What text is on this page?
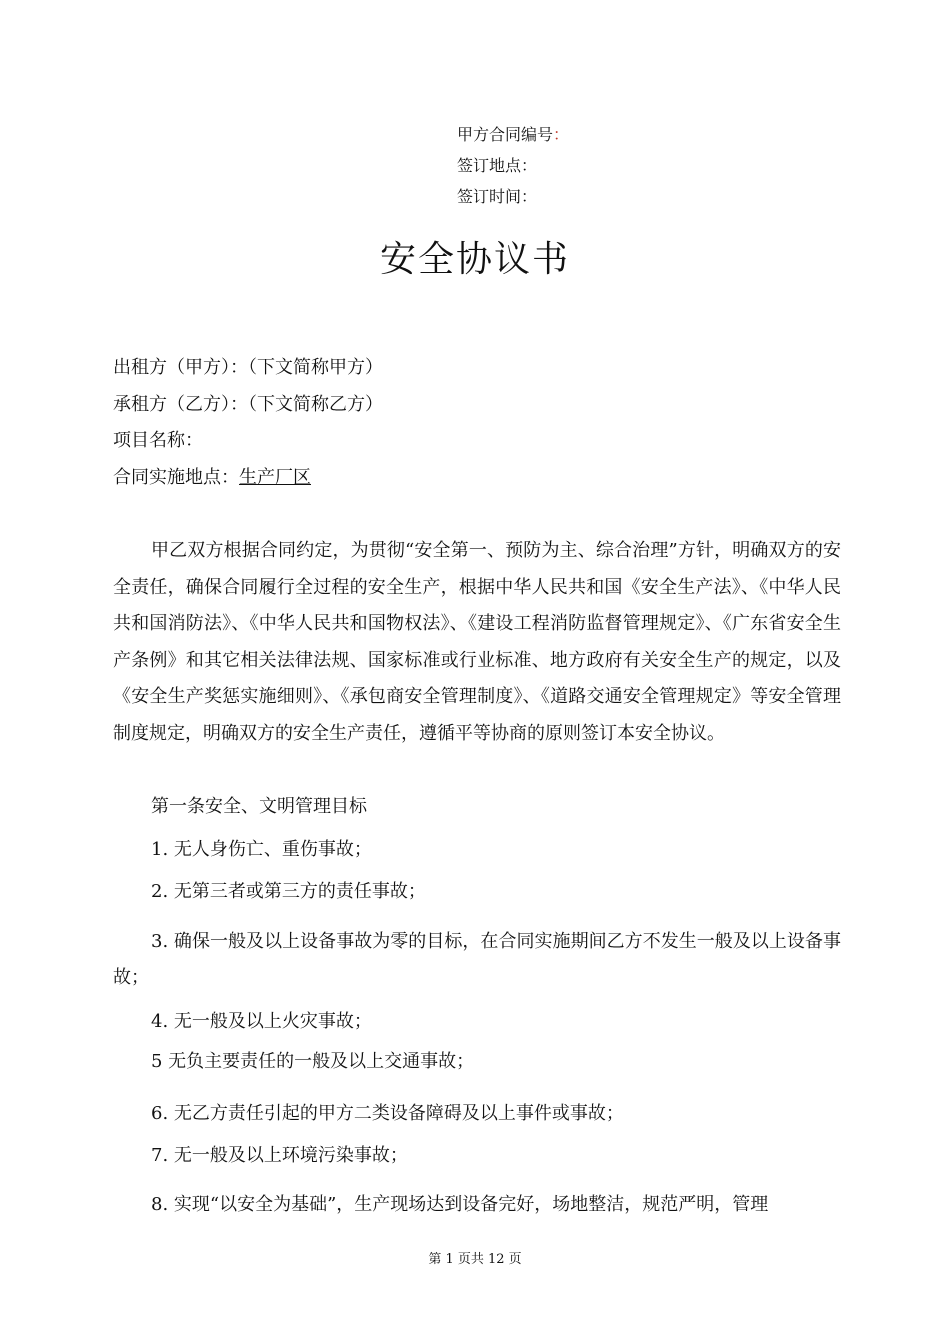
甲方合同编号：
签订地点：
签订时间：
安全协议书
出租方（甲方）：（下文简称甲方）
承租方（乙方）：（下文简称乙方）
项目名称：
合同实施地点：生产厂区
甲乙双方根据合同约定，为贯彻“安全第一、预防为主、综合治理”方针，明确双方的安全责任，确保合同履行全过程的安全生产，根据中华人民共和国《安全生产法》、《中华人民共和国消防法》、《中华人民共和国物权法》、《建设工程消防监督管理规定》、《广东省安全生产条例》和其它相关法律法规、国家标准或行业标准、地方政府有关安全生产的规定，以及《安全生产奖惩实施细则》、《承包商安全管理制度》、《道路交通安全管理规定》等安全管理制度规定，明确双方的安全生产责任，遵循平等协商的原则签订本安全协议。
第一条安全、文明管理目标
1. 无人身伤亡、重伤事故；
2. 无第三者或第三方的责任事故；
3. 确保一般及以上设备事故为零的目标，在合同实施期间乙方不发生一般及以上设备事故；
4. 无一般及以上火灾事故；
5 无负主要责任的一般及以上交通事故；
6. 无乙方责任引起的甲方二类设备障碍及以上事件或事故；
7. 无一般及以上环境污染事故；
8. 实现“以安全为基础”，生产现场达到设备完好，场地整洁，规范严明，管理
第 1 页共 12 页
